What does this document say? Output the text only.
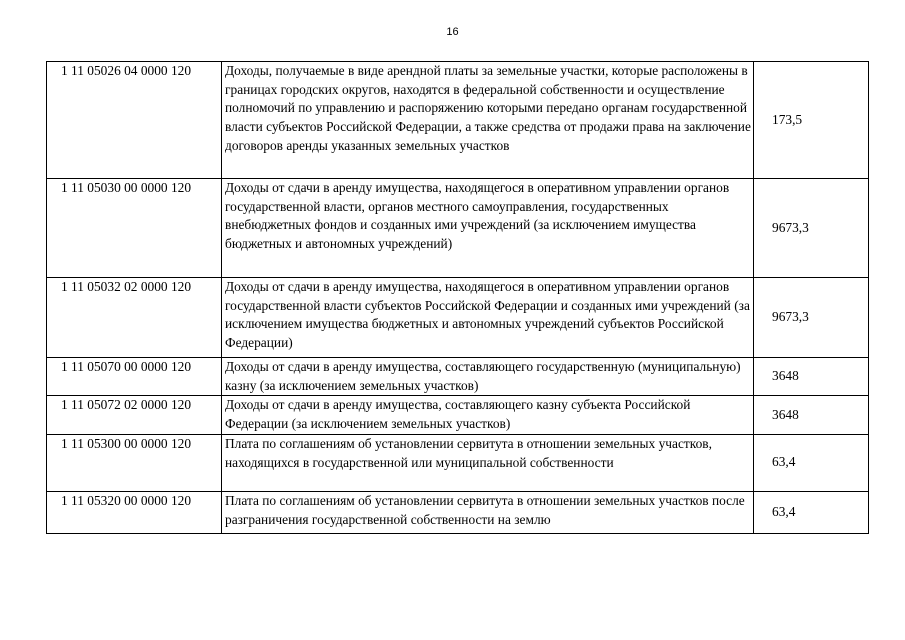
16
1 11 05026 04 0000 120	Доходы, получаемые в виде арендной платы за земельные участки, которые расположены в границах городских округов, находятся в федеральной собственности и осуществление полномочий по управлению и распоряжению которыми передано органам государственной власти субъектов Российской Федерации, а также средства от продажи права на заключение договоров аренды указанных земельных участков	173,5
1 11 05030 00 0000 120	Доходы от сдачи в аренду имущества, находящегося в оперативном управлении органов государственной власти, органов местного самоуправления, государственных внебюджетных фондов и созданных ими учреждений (за исключением имущества бюджетных и автономных учреждений)	9673,3
1 11 05032 02 0000 120	Доходы от сдачи в аренду имущества, находящегося в оперативном управлении органов государственной власти субъектов Российской Федерации и созданных ими учреждений (за исключением имущества бюджетных и автономных учреждений субъектов Российской Федерации)	9673,3
1 11 05070 00 0000 120	Доходы от сдачи в аренду имущества, составляющего государственную (муниципальную) казну (за исключением земельных участков)	3648
1 11 05072 02 0000 120	Доходы от сдачи в аренду имущества, составляющего казну субъекта Российской Федерации (за исключением земельных участков)	3648
1 11 05300 00 0000 120	Плата по соглашениям об установлении сервитута в отношении земельных участков, находящихся в государственной или муниципальной собственности	63,4
1 11 05320 00 0000 120	Плата по соглашениям об установлении сервитута в отношении земельных участков после разграничения государственной собственности на землю	63,4
